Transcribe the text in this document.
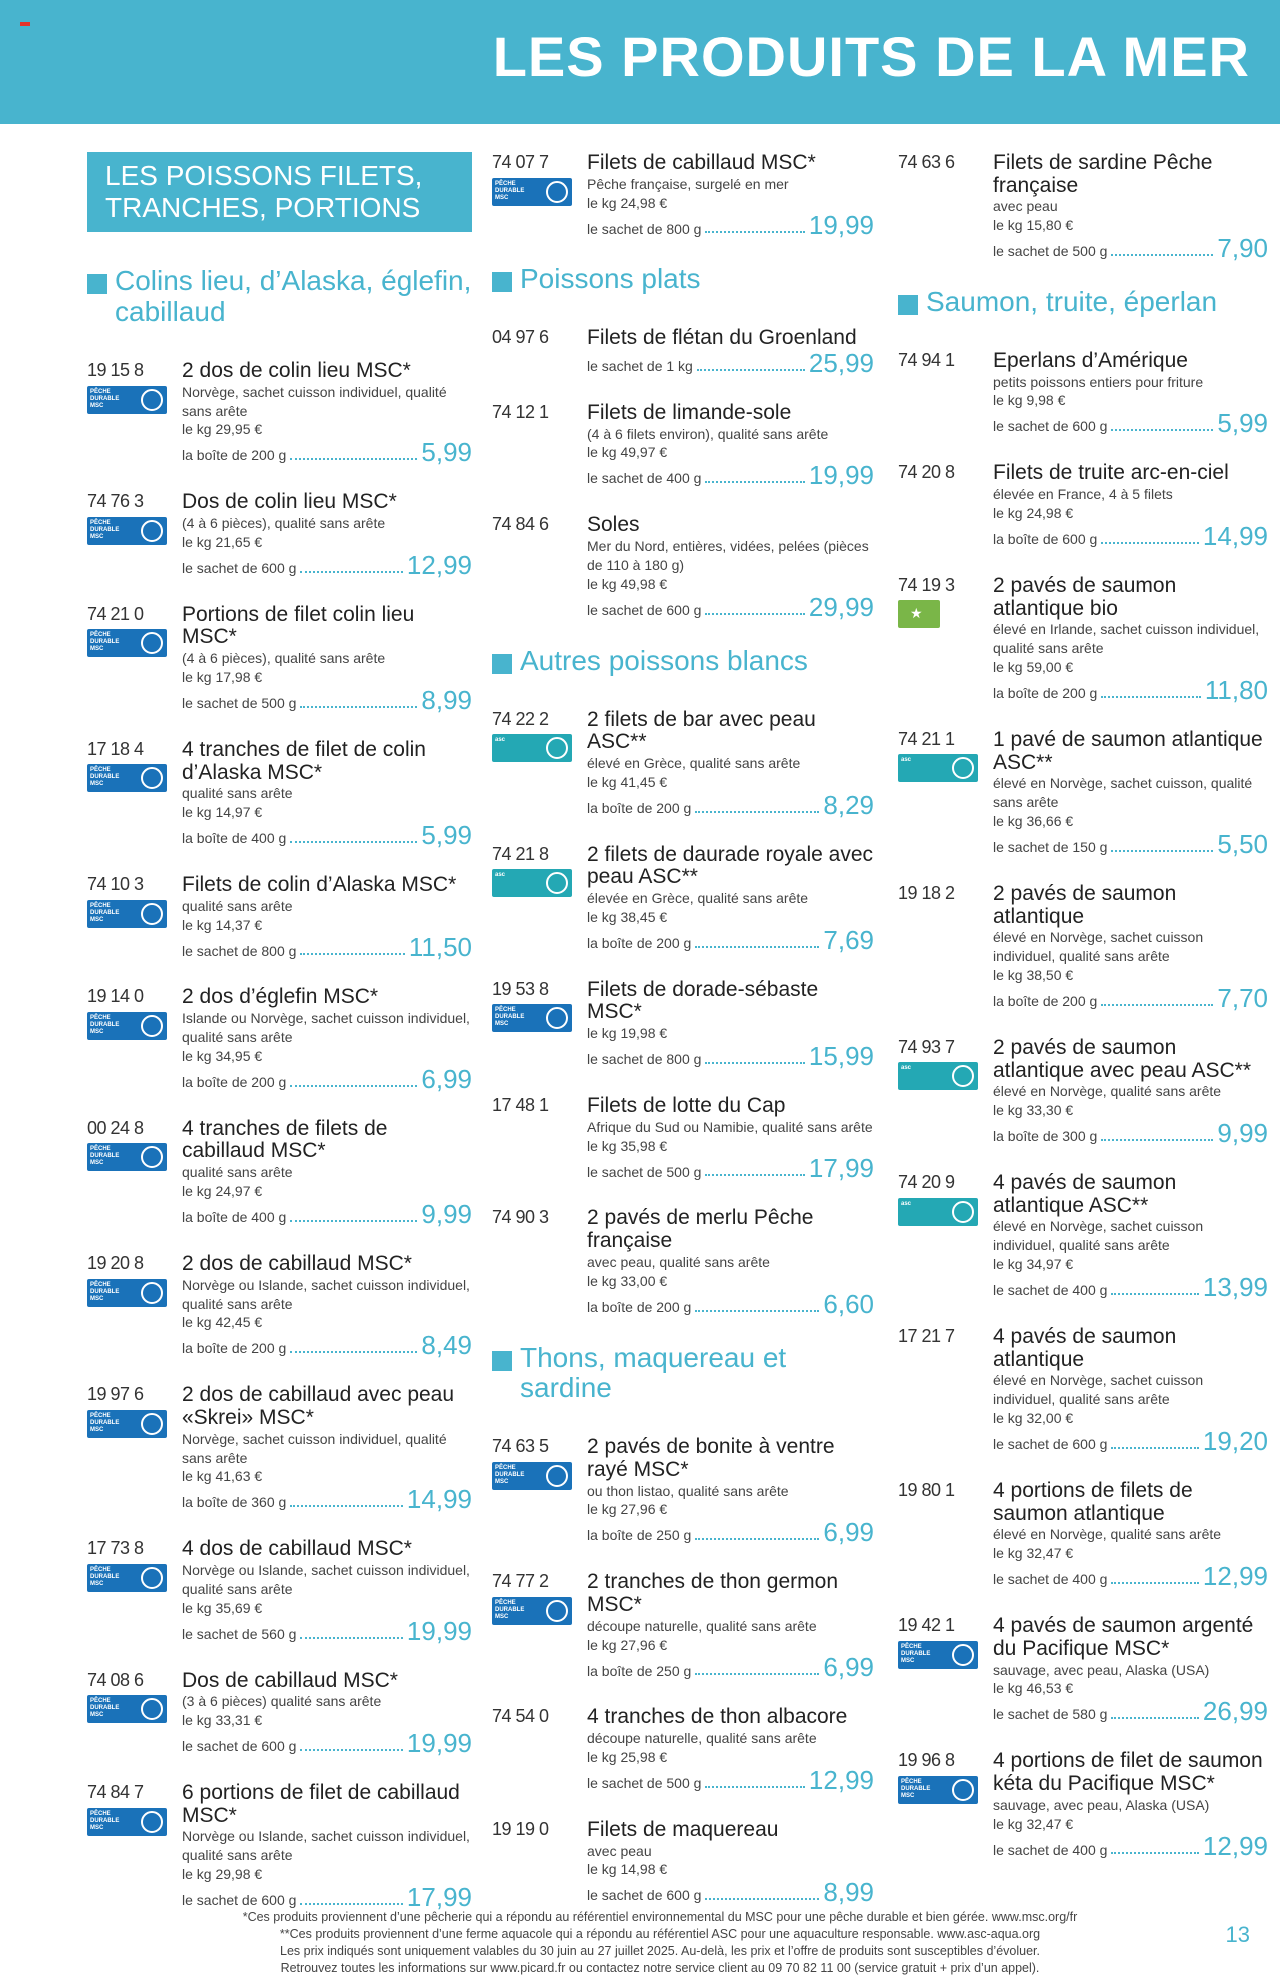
LES PRODUITS DE LA MER
LES POISSONS FILETS, TRANCHES, PORTIONS
Colins lieu, d’Alaska, églefin, cabillaud
19 15 8
PÊCHE DURABLE MSC
2 dos de colin lieu MSC*
Norvège, sachet cuisson individuel, qualité sans arête
le kg 29,95 €
la boîte de 200 g	5,99
74 76 3
PÊCHE DURABLE MSC
Dos de colin lieu MSC*
(4 à 6 pièces), qualité sans arête
le kg 21,65 €
le sachet de 600 g	12,99
74 21 0
PÊCHE DURABLE MSC
Portions de filet colin lieu MSC*
(4 à 6 pièces), qualité sans arête
le kg 17,98 €
le sachet de 500 g	8,99
17 18 4
PÊCHE DURABLE MSC
4 tranches de filet de colin d’Alaska MSC*
qualité sans arête
le kg 14,97 €
la boîte de 400 g	5,99
74 10 3
PÊCHE DURABLE MSC
Filets de colin d’Alaska MSC*
qualité sans arête
le kg 14,37 €
le sachet de 800 g	11,50
19 14 0
PÊCHE DURABLE MSC
2 dos d’églefin MSC*
Islande ou Norvège, sachet cuisson individuel, qualité sans arête
le kg 34,95 €
la boîte de 200 g	6,99
00 24 8
PÊCHE DURABLE MSC
4 tranches de filets de cabillaud MSC*
qualité sans arête
le kg 24,97 €
la boîte de 400 g	9,99
19 20 8
PÊCHE DURABLE MSC
2 dos de cabillaud MSC*
Norvège ou Islande, sachet cuisson individuel, qualité sans arête
le kg 42,45 €
la boîte de 200 g	8,49
19 97 6
PÊCHE DURABLE MSC
2 dos de cabillaud avec peau «Skrei» MSC*
Norvège, sachet cuisson individuel, qualité sans arête
le kg 41,63 €
la boîte de 360 g	14,99
17 73 8
PÊCHE DURABLE MSC
4 dos de cabillaud MSC*
Norvège ou Islande, sachet cuisson individuel, qualité sans arête
le kg 35,69 €
le sachet de 560 g	19,99
74 08 6
PÊCHE DURABLE MSC
Dos de cabillaud MSC*
(3 à 6 pièces) qualité sans arête
le kg 33,31 €
le sachet de 600 g	19,99
74 84 7
PÊCHE DURABLE MSC
6 portions de filet de cabillaud MSC*
Norvège ou Islande, sachet cuisson individuel, qualité sans arête
le kg 29,98 €
le sachet de 600 g	17,99
74 07 7
PÊCHE DURABLE MSC
Filets de cabillaud MSC*
Pêche française, surgelé en mer
le kg 24,98 €
le sachet de 800 g	19,99
Poissons plats
04 97 6	Filets de flétan du Groenland
le sachet de 1 kg	25,99
74 12 1	Filets de limande-sole
(4 à 6 filets environ), qualité sans arête
le kg 49,97 €
le sachet de 400 g	19,99
74 84 6	Soles
Mer du Nord, entières, vidées, pelées (pièces de 110 à 180 g)
le kg 49,98 €
le sachet de 600 g	29,99
Autres poissons blancs
74 22 2
asc
2 filets de bar avec peau ASC**
élevé en Grèce, qualité sans arête
le kg 41,45 €
la boîte de 200 g	8,29
74 21 8
asc
2 filets de daurade royale avec peau ASC**
élevée en Grèce, qualité sans arête
le kg 38,45 €
la boîte de 200 g	7,69
19 53 8
PÊCHE DURABLE MSC
Filets de dorade-sébaste MSC*
le kg 19,98 €
le sachet de 800 g	15,99
17 48 1	Filets de lotte du Cap
Afrique du Sud ou Namibie, qualité sans arête
le kg 35,98 €
le sachet de 500 g	17,99
74 90 3	2 pavés de merlu Pêche française
avec peau, qualité sans arête
le kg 33,00 €
la boîte de 200 g	6,60
Thons, maquereau et sardine
74 63 5
PÊCHE DURABLE MSC
2 pavés de bonite à ventre rayé MSC*
ou thon listao, qualité sans arête
le kg 27,96 €
la boîte de 250 g	6,99
74 77 2
PÊCHE DURABLE MSC
2 tranches de thon germon MSC*
découpe naturelle, qualité sans arête
le kg 27,96 €
la boîte de 250 g	6,99
74 54 0	4 tranches de thon albacore
découpe naturelle, qualité sans arête
le kg 25,98 €
le sachet de 500 g	12,99
19 19 0	Filets de maquereau
avec peau
le kg 14,98 €
le sachet de 600 g	8,99
74 63 6	Filets de sardine Pêche française
avec peau
le kg 15,80 €
le sachet de 500 g	7,90
Saumon, truite, éperlan
74 94 1	Eperlans d’Amérique
petits poissons entiers pour friture
le kg 9,98 €
le sachet de 600 g	5,99
74 20 8	Filets de truite arc-en-ciel
élevée en France, 4 à 5 filets
le kg 24,98 €
la boîte de 600 g	14,99
74 19 3
★
2 pavés de saumon atlantique bio
élevé en Irlande, sachet cuisson individuel, qualité sans arête
le kg 59,00 €
la boîte de 200 g	11,80
74 21 1
asc
1 pavé de saumon atlantique ASC**
élevé en Norvège, sachet cuisson, qualité sans arête
le kg 36,66 €
le sachet de 150 g	5,50
19 18 2	2 pavés de saumon atlantique
élevé en Norvège, sachet cuisson individuel, qualité sans arête
le kg 38,50 €
la boîte de 200 g	7,70
74 93 7
asc
2 pavés de saumon atlantique avec peau ASC**
élevé en Norvège, qualité sans arête
le kg 33,30 €
la boîte de 300 g	9,99
74 20 9
asc
4 pavés de saumon atlantique ASC**
élevé en Norvège, sachet cuisson individuel, qualité sans arête
le kg 34,97 €
le sachet de 400 g	13,99
17 21 7	4 pavés de saumon atlantique
élevé en Norvège, sachet cuisson individuel, qualité sans arête
le kg 32,00 €
le sachet de 600 g	19,20
19 80 1	4 portions de filets de saumon atlantique
élevé en Norvège, qualité sans arête
le kg 32,47 €
le sachet de 400 g	12,99
19 42 1
PÊCHE DURABLE MSC
4 pavés de saumon argenté du Pacifique MSC*
sauvage, avec peau, Alaska (USA)
le kg 46,53 €
le sachet de 580 g	26,99
19 96 8
PÊCHE DURABLE MSC
4 portions de filet de saumon kéta du Pacifique MSC*
sauvage, avec peau, Alaska (USA)
le kg 32,47 €
le sachet de 400 g	12,99
*Ces produits proviennent d’une pêcherie qui a répondu au référentiel environnemental du MSC pour une pêche durable et bien gérée. www.msc.org/fr
**Ces produits proviennent d’une ferme aquacole qui a répondu au référentiel ASC pour une aquaculture responsable. www.asc-aqua.org
Les prix indiqués sont uniquement valables du 30 juin au 27 juillet 2025. Au-delà, les prix et l’offre de produits sont susceptibles d’évoluer.
Retrouvez toutes les informations sur www.picard.fr ou contactez notre service client au 09 70 82 11 00 (service gratuit + prix d’un appel).
13
